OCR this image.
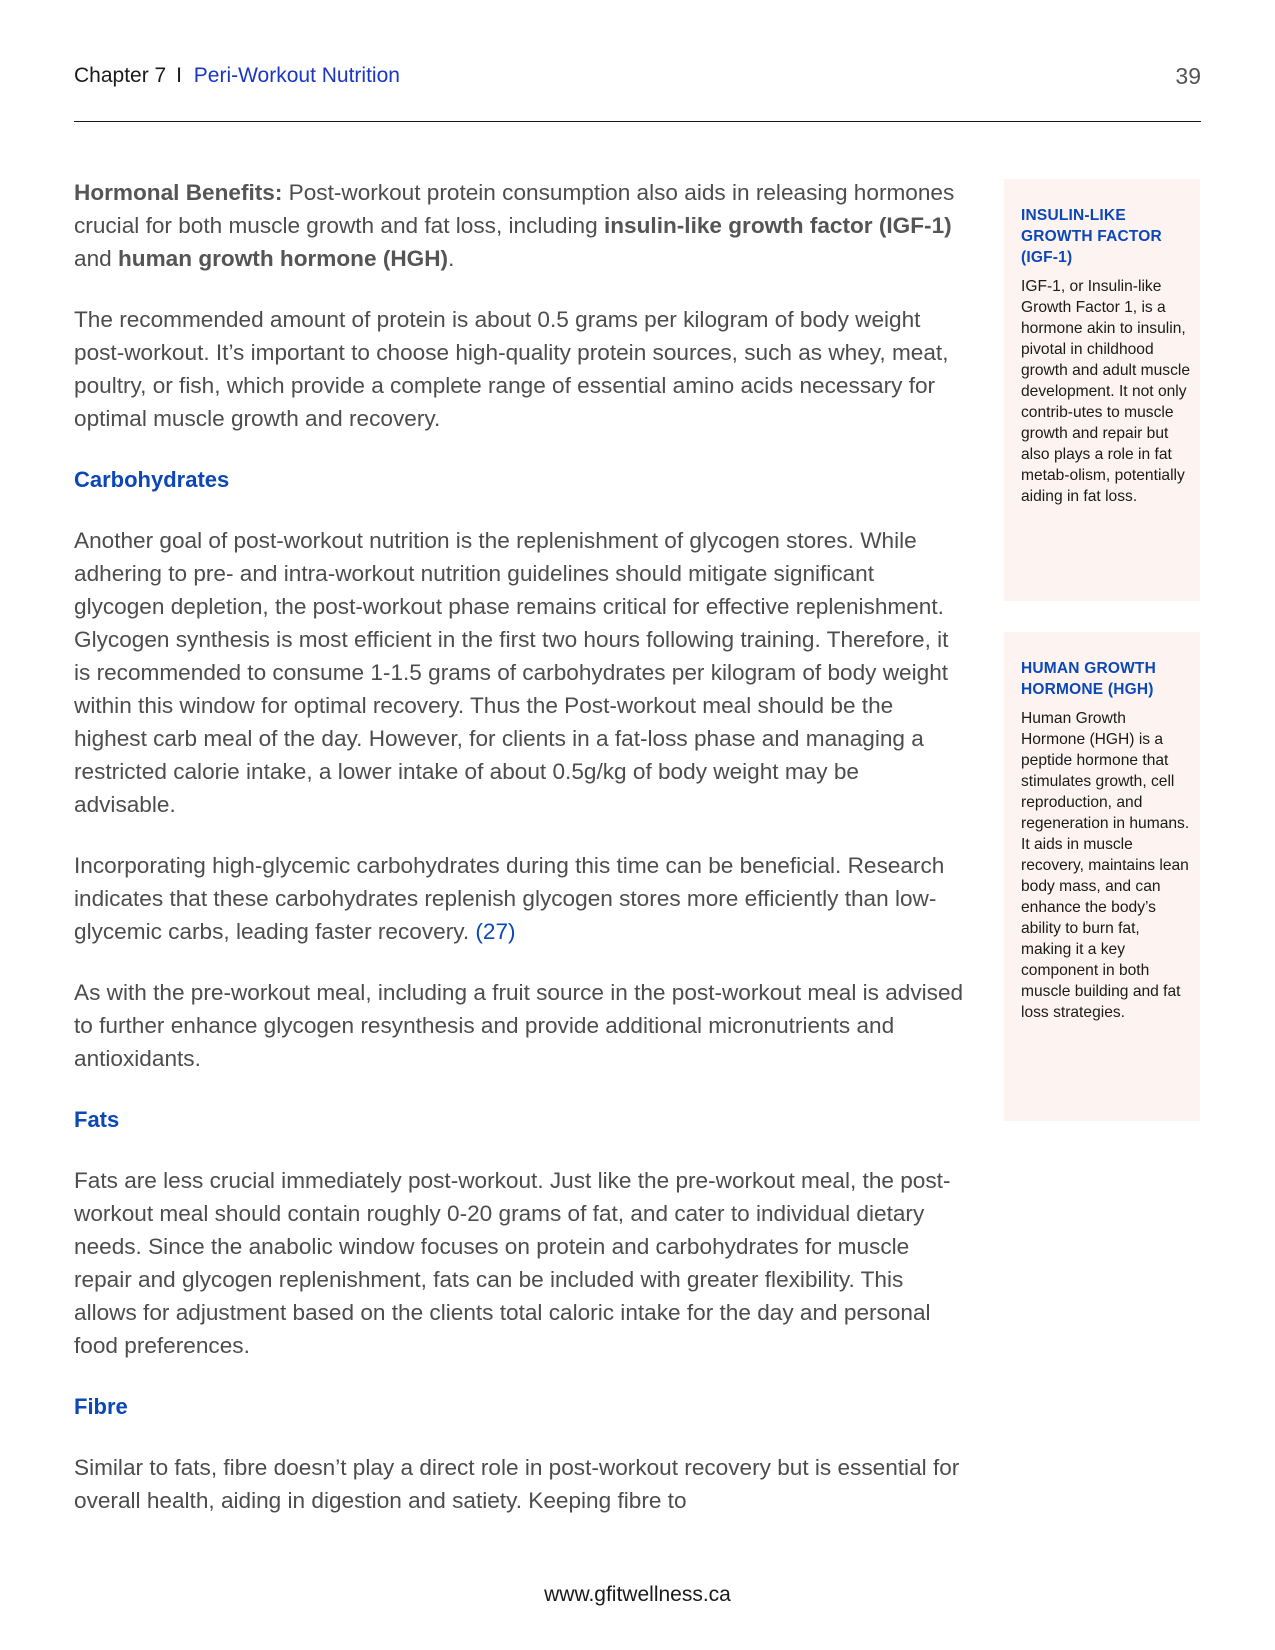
Chapter 7 I Peri-Workout Nutrition	39

Hormonal Benefits: Post-workout protein consumption also aids in releasing hormones crucial for both muscle growth and fat loss, including insulin-like growth factor (IGF-1) and human growth hormone (HGH).

The recommended amount of protein is about 0.5 grams per kilogram of body weight post-workout. It’s important to choose high-quality protein sources, such as whey, meat, poultry, or fish, which provide a complete range of essential amino acids necessary for optimal muscle growth and recovery.

Carbohydrates

Another goal of post-workout nutrition is the replenishment of glycogen stores. While adhering to pre- and intra-workout nutrition guidelines should mitigate significant glycogen depletion, the post-workout phase remains critical for effective replenishment. Glycogen synthesis is most efficient in the first two hours following training. Therefore, it is recommended to consume 1-1.5 grams of carbohydrates per kilogram of body weight within this window for optimal recovery. Thus the Post-workout meal should be the highest carb meal of the day. However, for clients in a fat-loss phase and managing a restricted calorie intake, a lower intake of about 0.5g/kg of body weight may be advisable.

Incorporating high-glycemic carbohydrates during this time can be beneficial. Research indicates that these carbohydrates replenish glycogen stores more efficiently than low-glycemic carbs, leading faster recovery. (27)

As with the pre-workout meal, including a fruit source in the post-workout meal is advised to further enhance glycogen resynthesis and provide additional micronutrients and antioxidants.

Fats

Fats are less crucial immediately post-workout. Just like the pre-workout meal, the post-workout meal should contain roughly 0-20 grams of fat, and cater to individual dietary needs. Since the anabolic window focuses on protein and carbohydrates for muscle repair and glycogen replenishment, fats can be included with greater flexibility. This allows for adjustment based on the clients total caloric intake for the day and personal food preferences.

Fibre

Similar to fats, fibre doesn’t play a direct role in post-workout recovery but is essential for overall health, aiding in digestion and satiety. Keeping fibre to

INSULIN-LIKE GROWTH FACTOR (IGF-1)

IGF-1, or Insulin-like Growth Factor 1, is a hormone akin to insulin, pivotal in childhood growth and adult muscle development. It not only contrib-utes to muscle growth and repair but also plays a role in fat metab-olism, potentially aiding in fat loss.

HUMAN GROWTH HORMONE (HGH)

Human Growth Hormone (HGH) is a peptide hormone that stimulates growth, cell reproduction, and regeneration in humans. It aids in muscle recovery, maintains lean body mass, and can enhance the body’s ability to burn fat, making it a key component in both muscle building and fat loss strategies.

www.gfitwellness.ca
